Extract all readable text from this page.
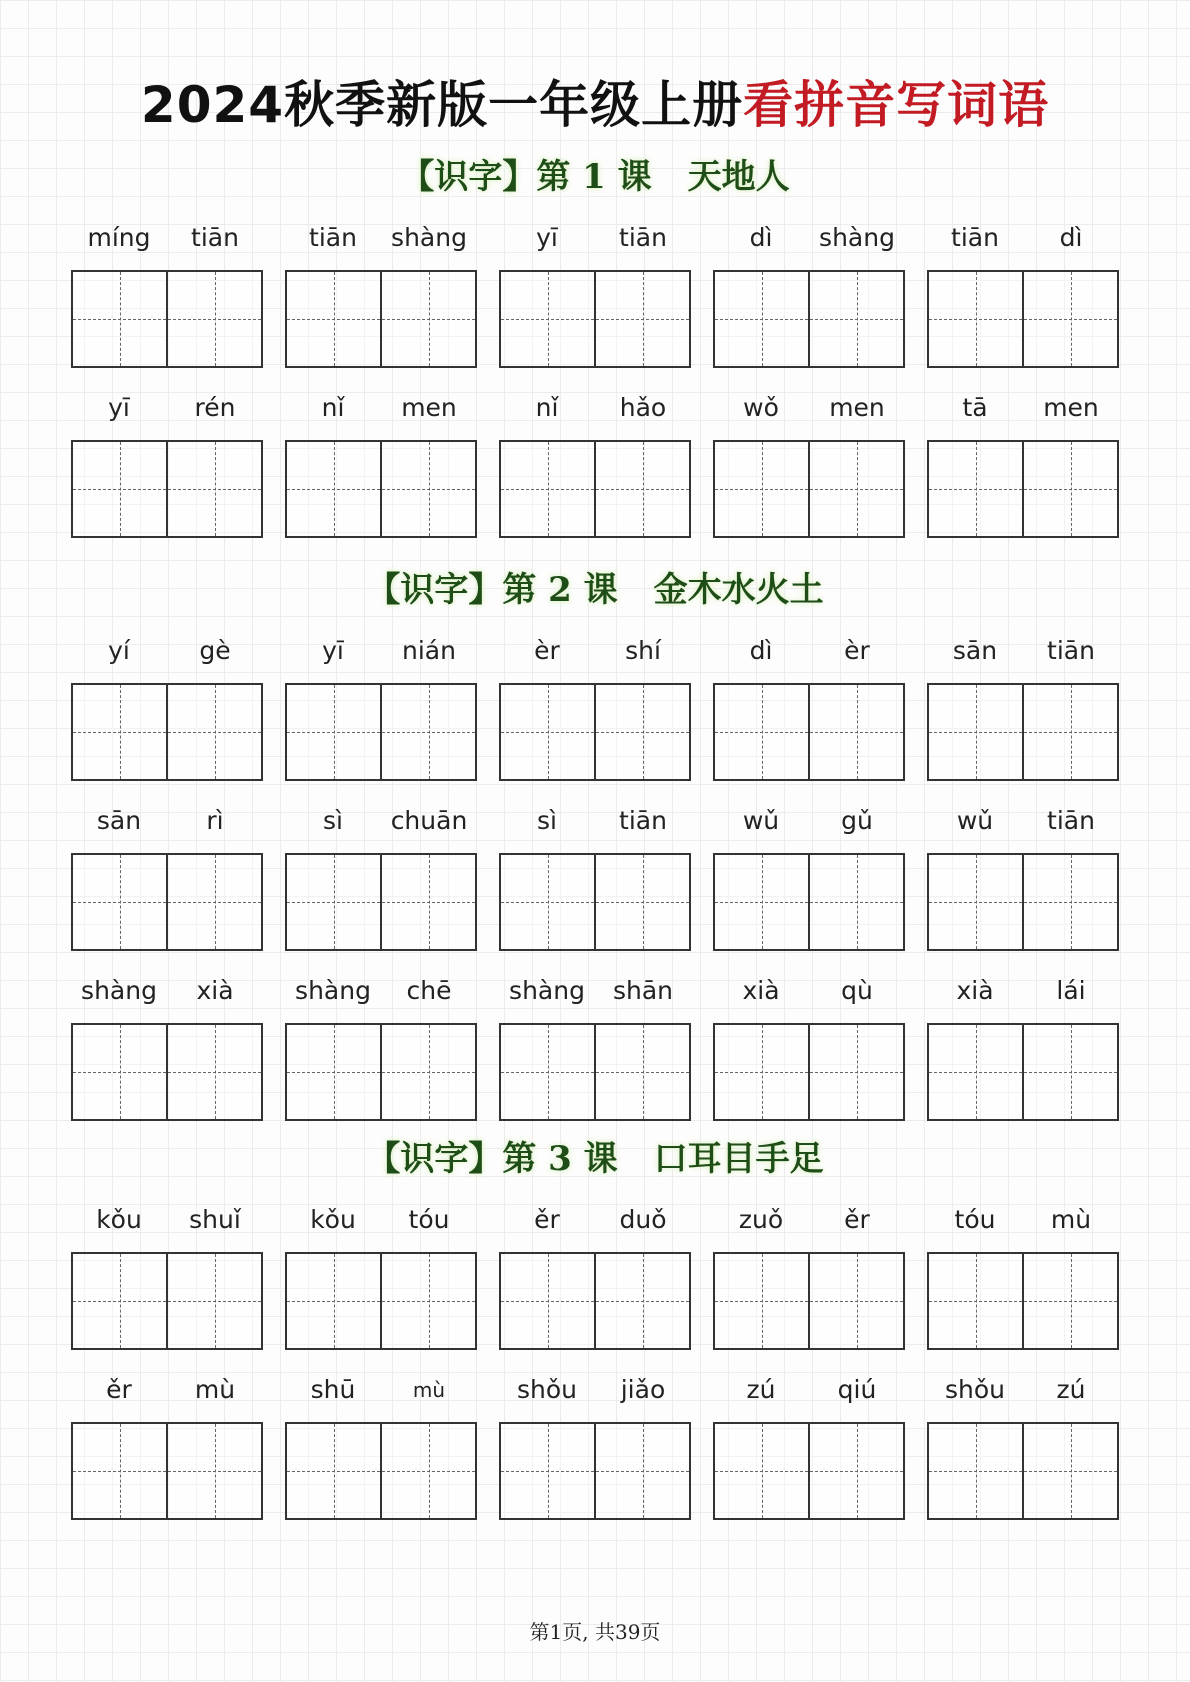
2024秋季新版一年级上册看拼音写词语
第1页, 共39页
【识字】第 1 课 天地人
míng	tiān	tiān	shàng	yī	tiān	dì	shàng	tiān	dì
yī	rén	nǐ	men	nǐ	hǎo	wǒ	men	tā	men
【识字】第 2 课 金木水火土
yí	gè	yī	nián	èr	shí	dì	èr	sān	tiān
sān	rì	sì	chuān	sì	tiān	wǔ	gǔ	wǔ	tiān
shàng	xià	shàng	chē	shàng	shān	xià	qù	xià	lái
【识字】第 3 课 口耳目手足
kǒu	shuǐ	kǒu	tóu	ěr	duǒ	zuǒ	ěr	tóu	mù
ěr	mù	shū	mù	shǒu	jiǎo	zú	qiú	shǒu	zú
